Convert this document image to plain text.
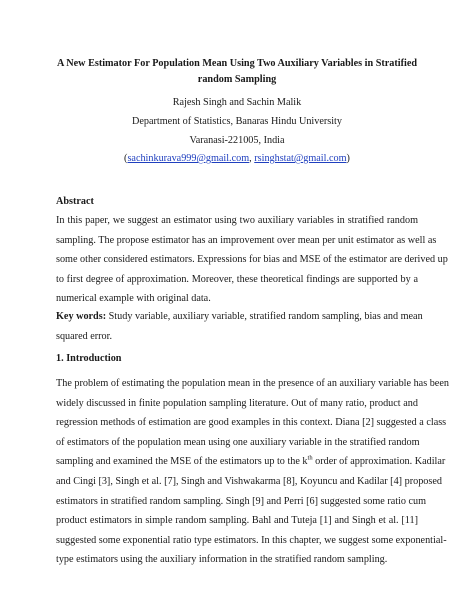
A New Estimator For Population Mean Using Two Auxiliary Variables in Stratified
random Sampling
Rajesh Singh and Sachin Malik
Department of Statistics, Banaras Hindu University
Varanasi-221005, India
(sachinkurava999@gmail.com, rsinghstat@gmail.com)
Abstract
In this paper, we suggest an estimator using two auxiliary variables in stratified random
sampling. The propose estimator has an improvement over mean per unit estimator as well as
some other considered estimators. Expressions for bias and MSE of the estimator are derived up
to first degree of approximation. Moreover, these theoretical findings are supported by a
numerical example with original data.
Key words: Study variable, auxiliary variable, stratified random sampling, bias and mean
squared error.
1. Introduction
The problem of estimating the population mean in the presence of an auxiliary variable has been
widely discussed in finite population sampling literature. Out of many ratio, product and
regression methods of estimation are good examples in this context. Diana [2] suggested a class
of estimators of the population mean using one auxiliary variable in the stratified random
sampling and examined the MSE of the estimators up to the $k^{th}$ order of approximation. Kadilar
and Cingi [3], Singh et al. [7], Singh and Vishwakarma [8], Koyuncu and Kadilar [4] proposed
estimators in stratified random sampling. Singh [9] and Perri [6] suggested some ratio cum
product estimators in simple random sampling. Bahl and Tuteja [1] and Singh et al. [11]
suggested some exponential ratio type estimators. In this chapter, we suggest some exponential-
type estimators using the auxiliary information in the stratified random sampling.
